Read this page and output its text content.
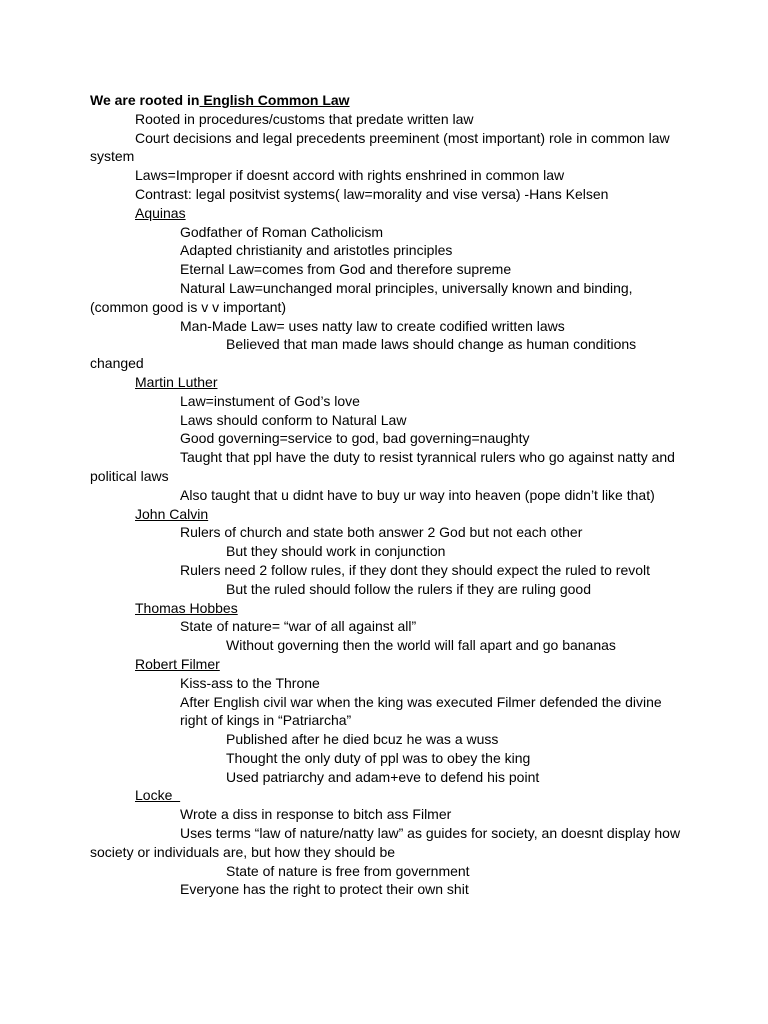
We are rooted in English Common Law
Rooted in procedures/customs that predate written law
Court decisions and legal precedents preeminent (most important) role in common law
system
Laws=Improper if doesnt accord with rights enshrined in common law
Contrast: legal positvist systems( law=morality and vise versa) -Hans Kelsen
Aquinas
Godfather of Roman Catholicism
Adapted christianity and aristotles principles
Eternal Law=comes from God and therefore supreme
Natural Law=unchanged moral principles, universally known and binding,
(common good is v v important)
Man-Made Law= uses natty law to create codified written laws
Believed that man made laws should change as human conditions
changed
Martin Luther
Law=instument of God’s love
Laws should conform to Natural Law
Good governing=service to god, bad governing=naughty
Taught that ppl have the duty to resist tyrannical rulers who go against natty and
political laws
Also taught that u didnt have to buy ur way into heaven (pope didn’t like that)
John Calvin
Rulers of church and state both answer 2 God but not each other
But they should work in conjunction
Rulers need 2 follow rules, if they dont they should expect the ruled to revolt
But the ruled should follow the rulers if they are ruling good
Thomas Hobbes
State of nature= “war of all against all”
Without governing then the world will fall apart and go bananas
Robert Filmer
Kiss-ass to the Throne
After English civil war when the king was executed Filmer defended the divine
right of kings in “Patriarcha”
Published after he died bcuz he was a wuss
Thought the only duty of ppl was to obey the king
Used patriarchy and adam+eve to defend his point
Locke
Wrote a diss in response to bitch ass Filmer
Uses terms “law of nature/natty law” as guides for society, an doesnt display how
society or individuals are, but how they should be
State of nature is free from government
Everyone has the right to protect their own shit
